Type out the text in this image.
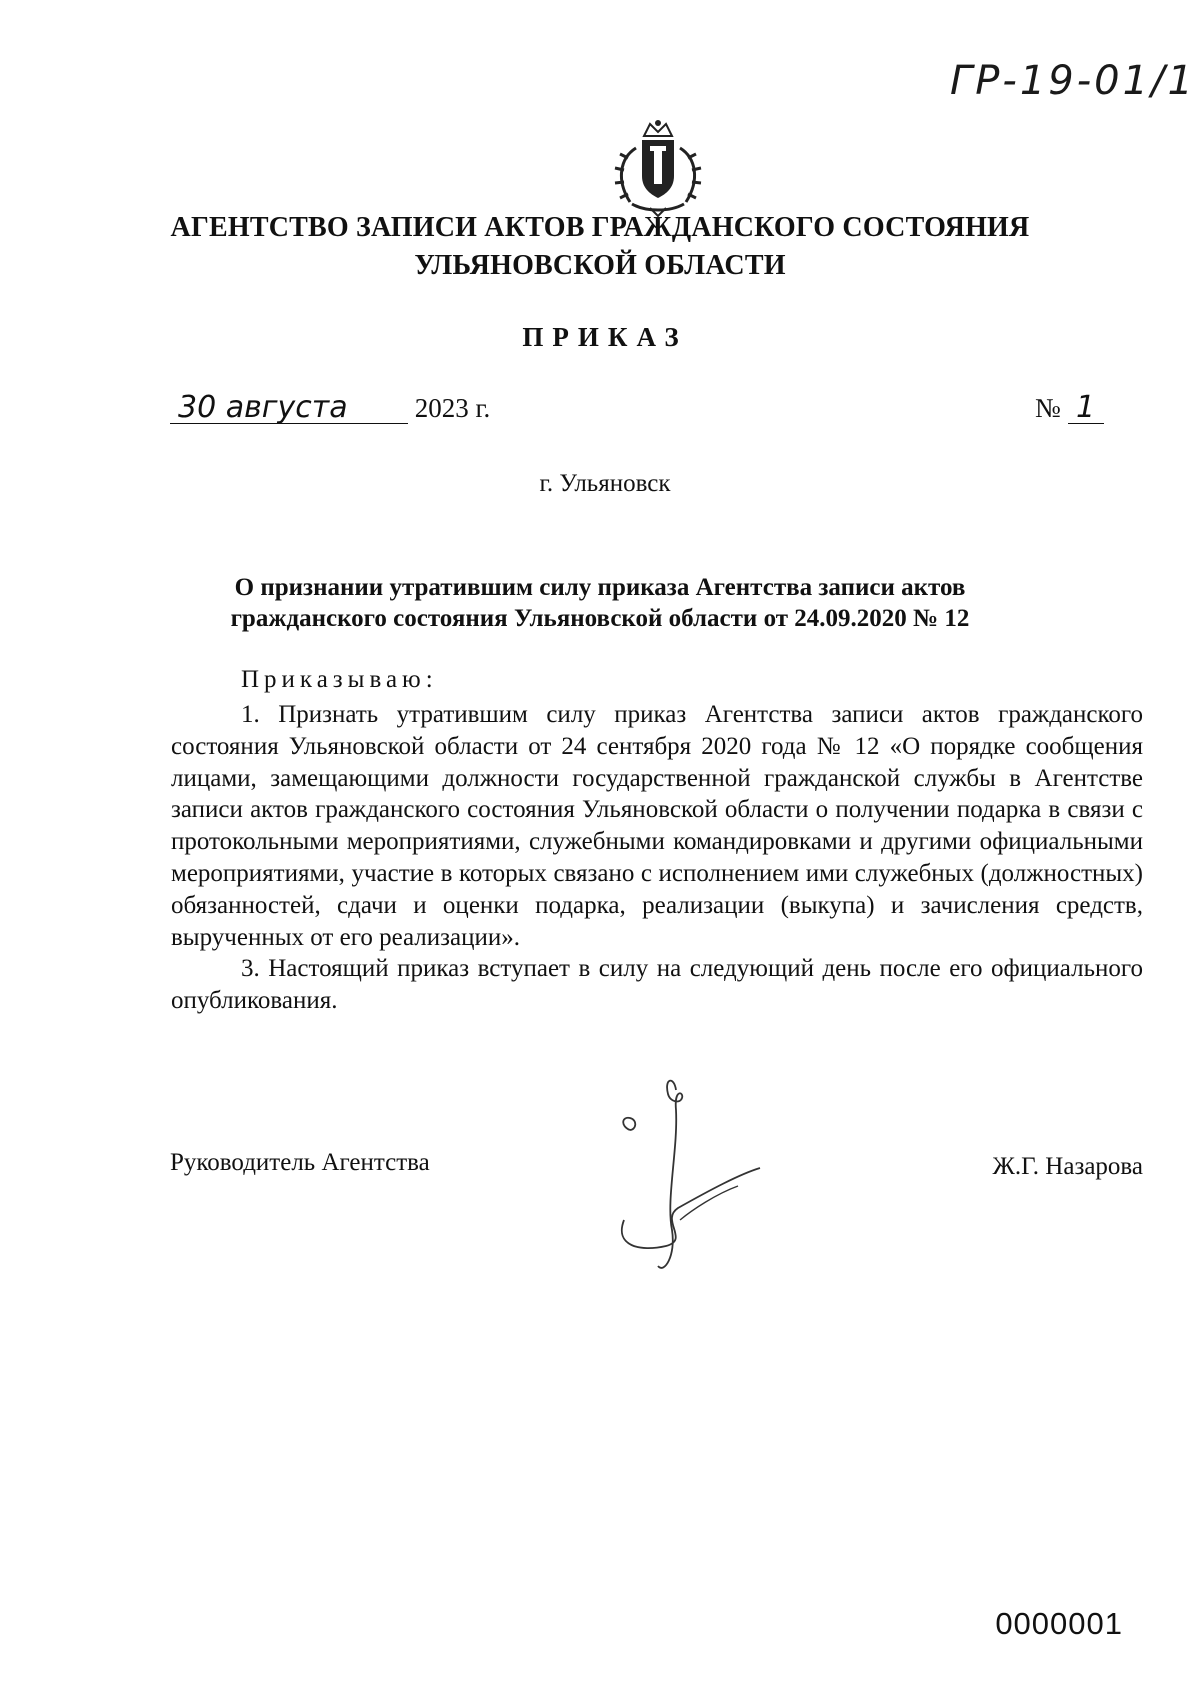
ГР-19-01/1
АГЕНТСТВО ЗАПИСИ АКТОВ ГРАЖДАНСКОГО СОСТОЯНИЯ
УЛЬЯНОВСКОЙ ОБЛАСТИ
ПРИКАЗ
30 августа 2023 г.	№ 1
г. Ульяновск
О признании утратившим силу приказа Агентства записи актов
гражданского состояния Ульяновской области от 24.09.2020 № 12
Приказываю:

1. Признать утратившим силу приказ Агентства записи актов гражданского состояния Ульяновской области от 24 сентября 2020 года № 12 «О порядке сообщения лицами, замещающими должности государственной гражданской службы в Агентстве записи актов гражданского состояния Ульяновской области о получении подарка в связи с протокольными мероприятиями, служебными командировками и другими официальными мероприятиями, участие в которых связано с исполнением ими служебных (должностных) обязанностей, сдачи и оценки подарка, реализации (выкупа) и зачисления средств, вырученных от его реализации».

3. Настоящий приказ вступает в силу на следующий день после его официального опубликования.

Руководитель Агентства	Ж.Г. Назарова
0000001
